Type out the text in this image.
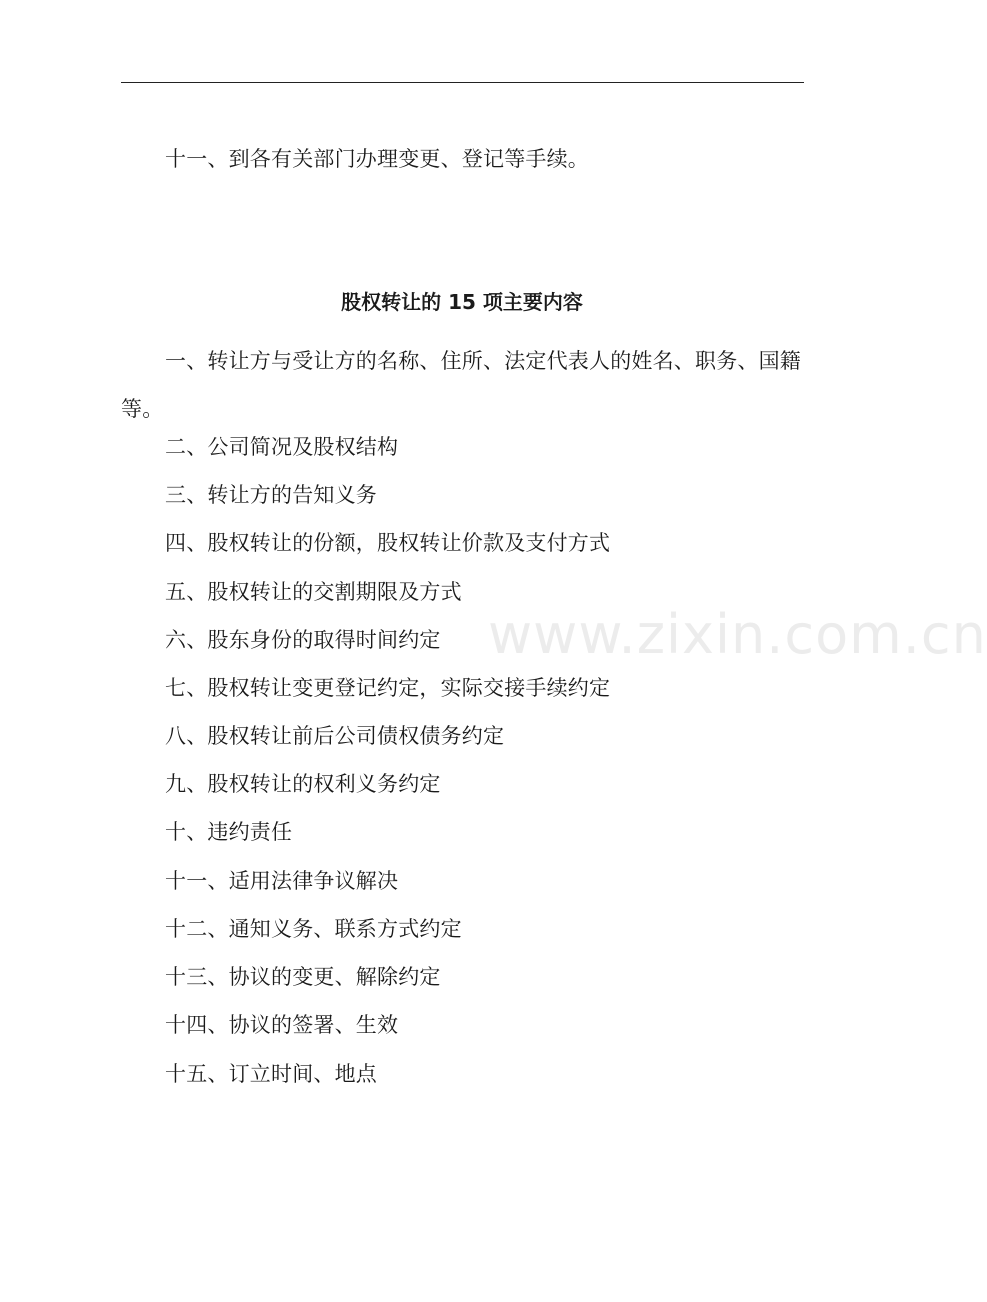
十一、到各有关部门办理变更、登记等手续。
股权转让的 15 项主要内容
一、转让方与受让方的名称、住所、法定代表人的姓名、职务、国籍等。
二、公司简况及股权结构
三、转让方的告知义务
四、股权转让的份额，股权转让价款及支付方式
五、股权转让的交割期限及方式
六、股东身份的取得时间约定
七、股权转让变更登记约定，实际交接手续约定
八、股权转让前后公司债权债务约定
九、股权转让的权利义务约定
十、违约责任
十一、适用法律争议解决
十二、通知义务、联系方式约定
十三、协议的变更、解除约定
十四、协议的签署、生效
十五、订立时间、地点
www.zixin.com.cn
